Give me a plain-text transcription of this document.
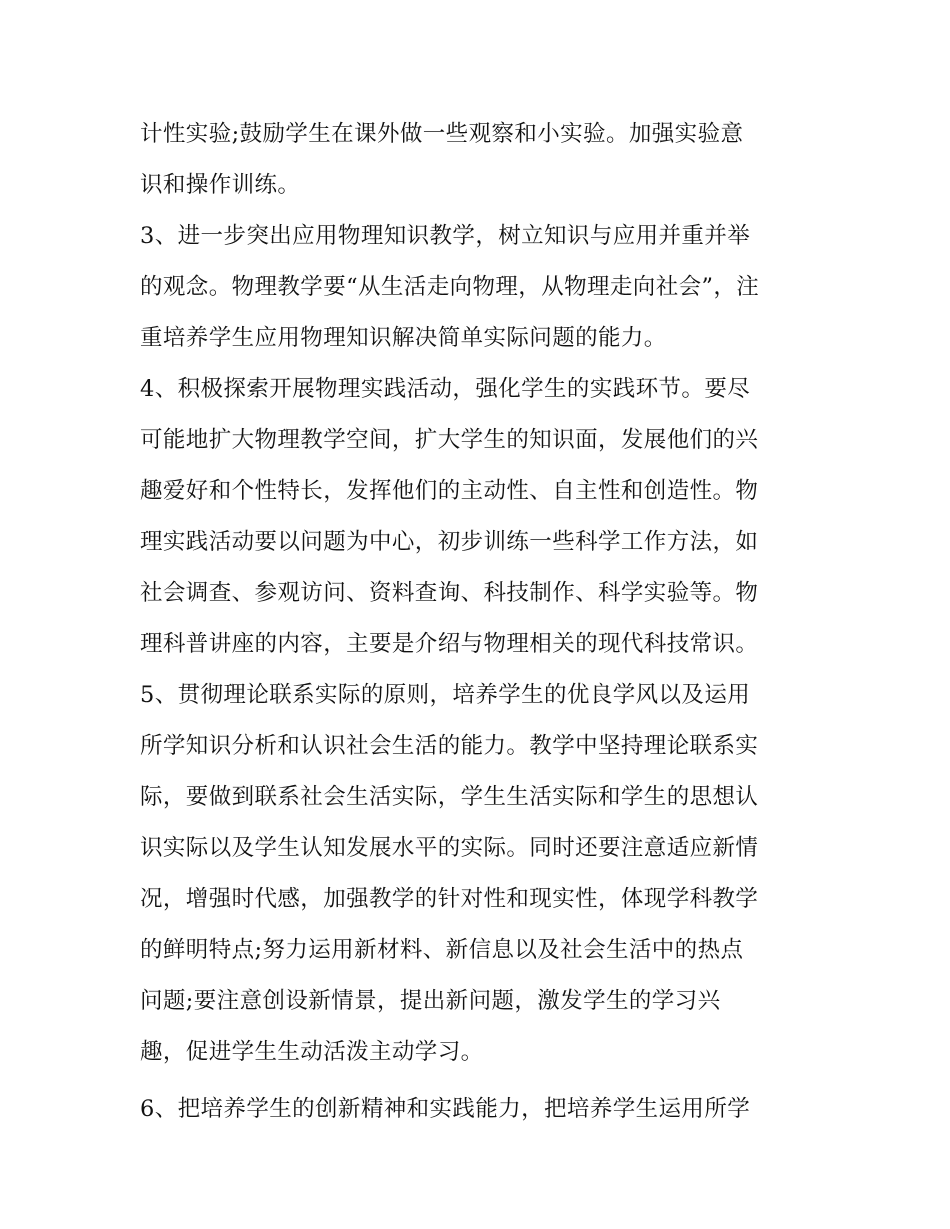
计性实验;鼓励学生在课外做一些观察和小实验。加强实验意
识和操作训练。
3、进一步突出应用物理知识教学，树立知识与应用并重并举
的观念。物理教学要“从生活走向物理，从物理走向社会”，注
重培养学生应用物理知识解决简单实际问题的能力。
4、积极探索开展物理实践活动，强化学生的实践环节。要尽
可能地扩大物理教学空间，扩大学生的知识面，发展他们的兴
趣爱好和个性特长，发挥他们的主动性、自主性和创造性。物
理实践活动要以问题为中心，初步训练一些科学工作方法，如
社会调查、参观访问、资料查询、科技制作、科学实验等。物
理科普讲座的内容，主要是介绍与物理相关的现代科技常识。
5、贯彻理论联系实际的原则，培养学生的优良学风以及运用
所学知识分析和认识社会生活的能力。教学中坚持理论联系实
际，要做到联系社会生活实际，学生生活实际和学生的思想认
识实际以及学生认知发展水平的实际。同时还要注意适应新情
况，增强时代感，加强教学的针对性和现实性，体现学科教学
的鲜明特点;努力运用新材料、新信息以及社会生活中的热点
问题;要注意创设新情景，提出新问题，激发学生的学习兴
趣，促进学生生动活泼主动学习。
6、把培养学生的创新精神和实践能力，把培养学生运用所学
